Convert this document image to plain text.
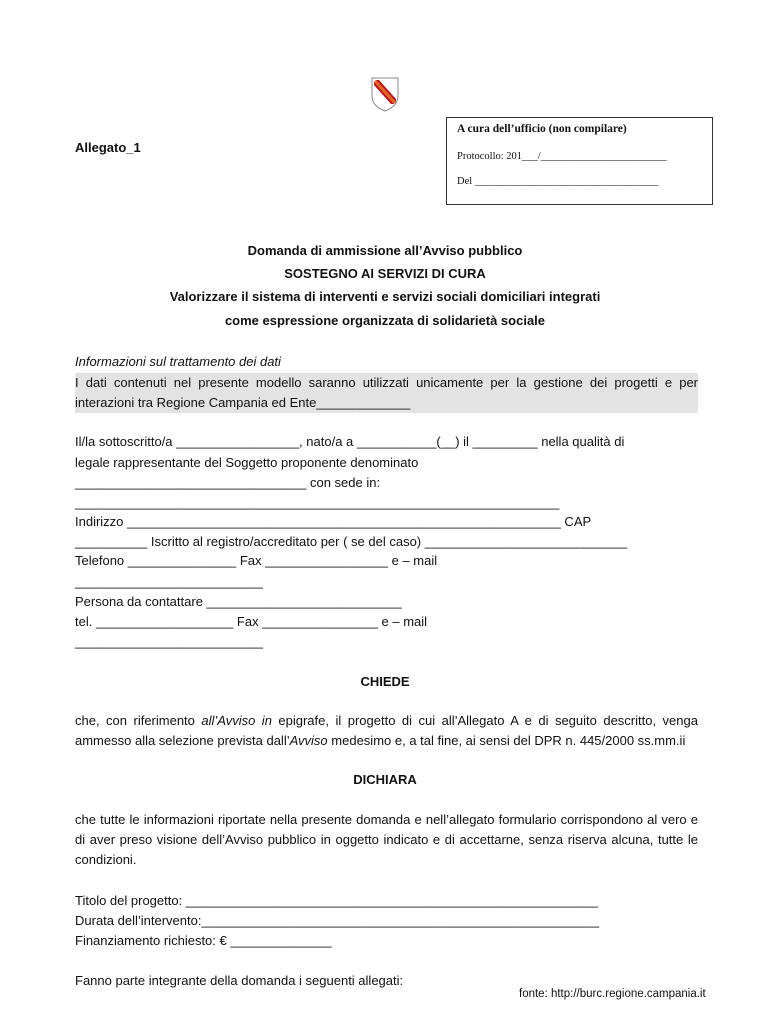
Allegato_1
A cura dell’ufficio (non compilare)
Protocollo: 201___/________________________
Del ___________________________________
Domanda di ammissione all’Avviso pubblico
SOSTEGNO AI SERVIZI DI CURA
Valorizzare il sistema di interventi e servizi sociali domiciliari integrati
come espressione organizzata di solidarietà sociale
Informazioni sul trattamento dei dati
I dati contenuti nel presente modello saranno utilizzati unicamente per la gestione dei progetti e per interazioni tra Regione Campania ed Ente_____________
Il/la sottoscritto/a _________________, nato/a a ___________(__) il _________ nella qualità di
legale rappresentante del Soggetto proponente denominato
________________________________ con sede in:
___________________________________________________________________
Indirizzo ____________________________________________________________ CAP
__________ Iscritto al registro/accreditato per ( se del caso) ____________________________
Telefono _______________ Fax _________________ e – mail
__________________________
Persona da contattare ___________________________
tel. ___________________ Fax ________________ e – mail
__________________________
CHIEDE
che, con riferimento all’Avviso in epigrafe, il progetto di cui all’Allegato A e di seguito descritto, venga ammesso alla selezione prevista dall’Avviso medesimo e, a tal fine, ai sensi del DPR n. 445/2000 ss.mm.ii
DICHIARA
che tutte le informazioni riportate nella presente domanda e nell’allegato formulario corrispondono al vero e di aver preso visione dell’Avviso pubblico in oggetto indicato e di accettarne, senza riserva alcuna, tutte le condizioni.
Titolo del progetto: _________________________________________________________
Durata dell’intervento:_______________________________________________________
Finanziamento richiesto: € ______________
Fanno parte integrante della domanda i seguenti allegati:
fonte: http://burc.regione.campania.it
